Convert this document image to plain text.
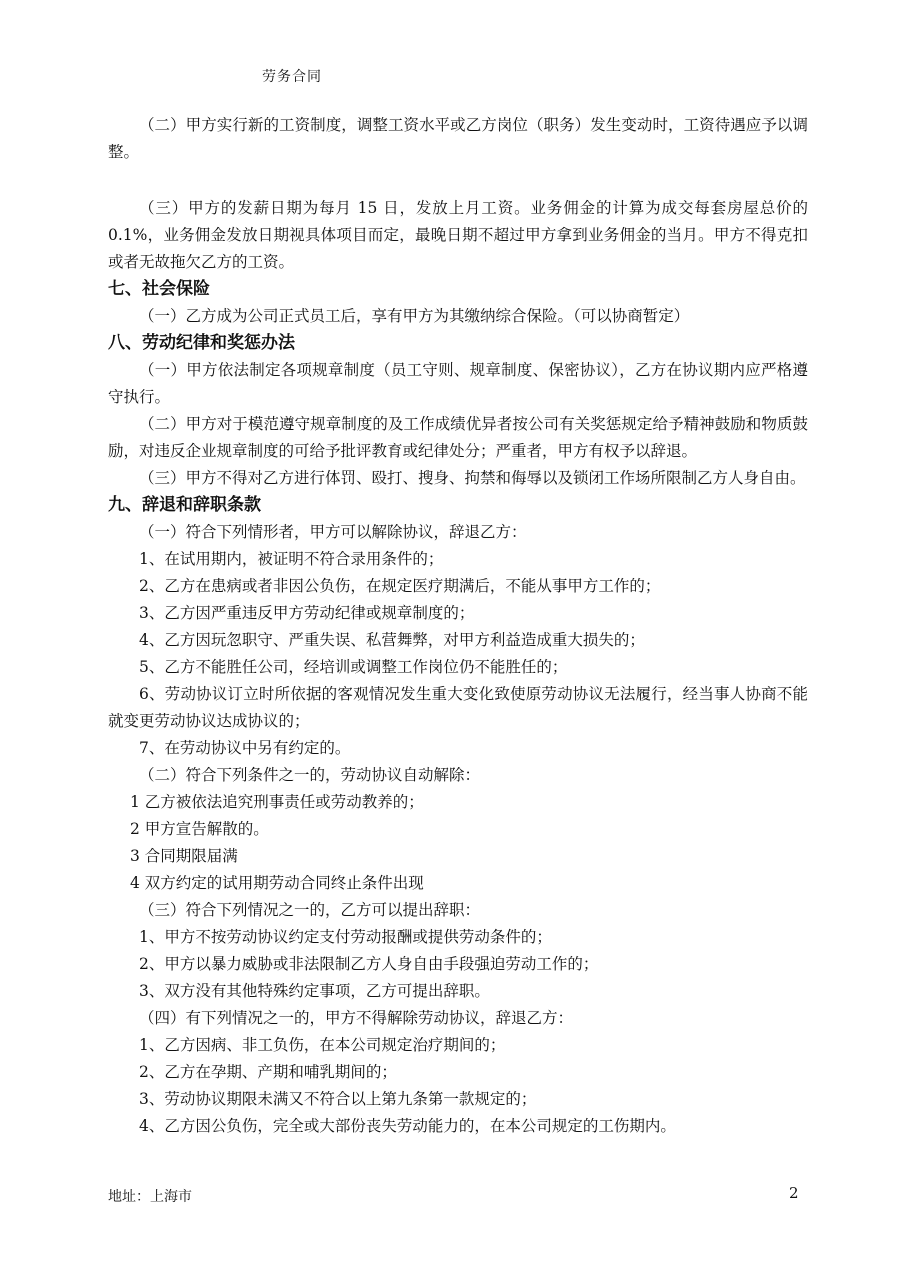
劳务合同

（二）甲方实行新的工资制度，调整工资水平或乙方岗位（职务）发生变动时，工资待遇应予以调整。

（三）甲方的发薪日期为每月 15 日，发放上月工资。业务佣金的计算为成交每套房屋总价的 0.1%，业务佣金发放日期视具体项目而定，最晚日期不超过甲方拿到业务佣金的当月。甲方不得克扣或者无故拖欠乙方的工资。

七、社会保险

（一）乙方成为公司正式员工后，享有甲方为其缴纳综合保险。（可以协商暂定）

八、劳动纪律和奖惩办法

（一）甲方依法制定各项规章制度（员工守则、规章制度、保密协议），乙方在协议期内应严格遵守执行。

（二）甲方对于模范遵守规章制度的及工作成绩优异者按公司有关奖惩规定给予精神鼓励和物质鼓励，对违反企业规章制度的可给予批评教育或纪律处分；严重者，甲方有权予以辞退。

（三）甲方不得对乙方进行体罚、殴打、搜身、拘禁和侮辱以及锁闭工作场所限制乙方人身自由。

九、辞退和辞职条款

（一）符合下列情形者，甲方可以解除协议，辞退乙方：

1、在试用期内，被证明不符合录用条件的；

2、乙方在患病或者非因公负伤，在规定医疗期满后，不能从事甲方工作的；

3、乙方因严重违反甲方劳动纪律或规章制度的；

4、乙方因玩忽职守、严重失误、私营舞弊，对甲方利益造成重大损失的；

5、乙方不能胜任公司，经培训或调整工作岗位仍不能胜任的；

6、劳动协议订立时所依据的客观情况发生重大变化致使原劳动协议无法履行，经当事人协商不能就变更劳动协议达成协议的；

7、在劳动协议中另有约定的。

（二）符合下列条件之一的，劳动协议自动解除：

1 乙方被依法追究刑事责任或劳动教养的；

2 甲方宣告解散的。

3 合同期限届满

4 双方约定的试用期劳动合同终止条件出现

（三）符合下列情况之一的，乙方可以提出辞职：

1、甲方不按劳动协议约定支付劳动报酬或提供劳动条件的；

2、甲方以暴力威胁或非法限制乙方人身自由手段强迫劳动工作的；

3、双方没有其他特殊约定事项，乙方可提出辞职。

（四）有下列情况之一的，甲方不得解除劳动协议，辞退乙方：

1、乙方因病、非工负伤，在本公司规定治疗期间的；

2、乙方在孕期、产期和哺乳期间的；

3、劳动协议期限未满又不符合以上第九条第一款规定的；

4、乙方因公负伤，完全或大部份丧失劳动能力的，在本公司规定的工伤期内。

地址：上海市	2
